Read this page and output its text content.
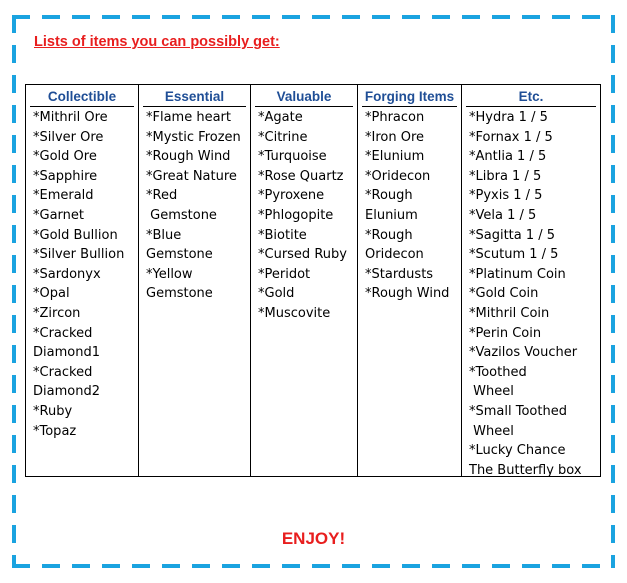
Lists of items you can possibly get:
Collectible
*Mithril Ore
*Silver Ore
*Gold Ore
*Sapphire
*Emerald
*Garnet
*Gold Bullion
*Silver Bullion
*Sardonyx
*Opal
*Zircon
*Cracked
Diamond1
*Cracked
Diamond2
*Ruby
*Topaz
Essential
*Flame heart
*Mystic Frozen
*Rough Wind
*Great Nature
*Red
Gemstone
*Blue
Gemstone
*Yellow
Gemstone
Valuable
*Agate
*Citrine
*Turquoise
*Rose Quartz
*Pyroxene
*Phlogopite
*Biotite
*Cursed Ruby
*Peridot
*Gold
*Muscovite
Forging Items
*Phracon
*Iron Ore
*Elunium
*Oridecon
*Rough
Elunium
*Rough
Oridecon
*Stardusts
*Rough Wind
Etc.
*Hydra 1 / 5
*Fornax 1 / 5
*Antlia 1 / 5
*Libra 1 / 5
*Pyxis 1 / 5
*Vela 1 / 5
*Sagitta 1 / 5
*Scutum 1 / 5
*Platinum Coin
*Gold Coin
*Mithril Coin
*Perin Coin
*Vazilos Voucher
*Toothed
Wheel
*Small Toothed
Wheel
*Lucky Chance
The Butterfly box
ENJOY!
